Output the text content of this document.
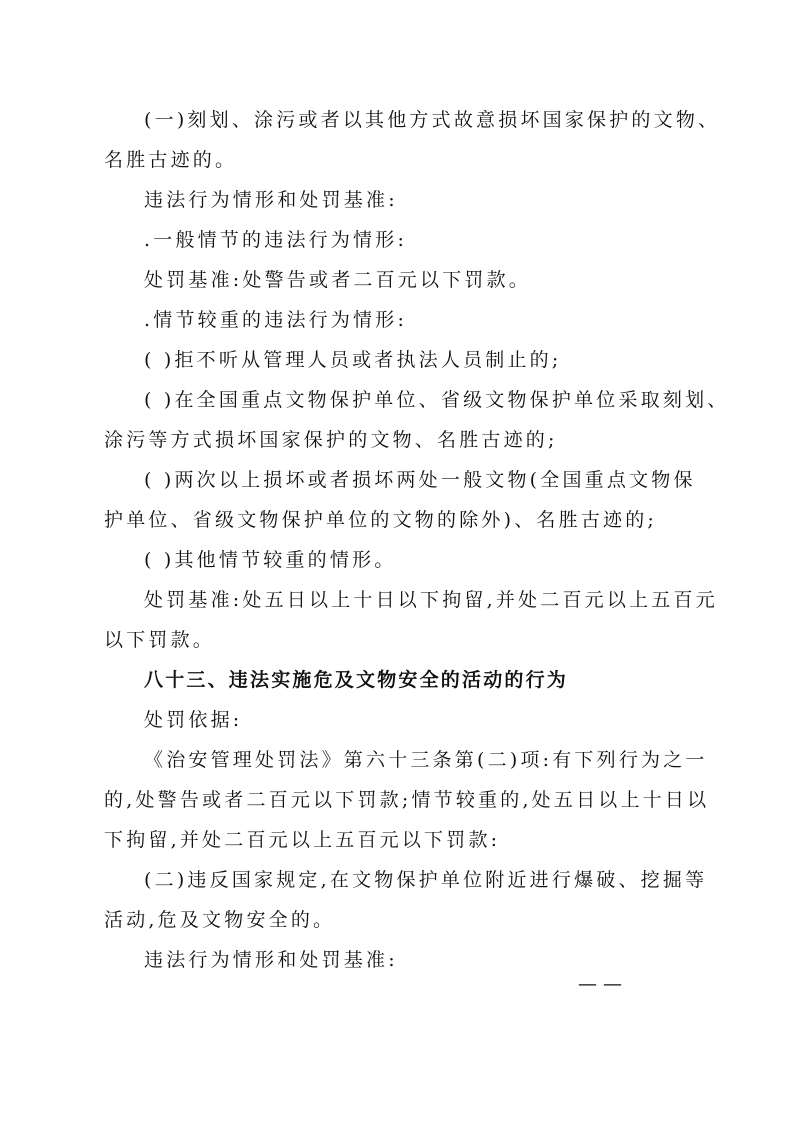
(一)刻划、涂污或者以其他方式故意损坏国家保护的文物、
名胜古迹的。
违法行为情形和处罚基准:
.一般情节的违法行为情形:
处罚基准:处警告或者二百元以下罚款。
.情节较重的违法行为情形:
( )拒不听从管理人员或者执法人员制止的;
( )在全国重点文物保护单位、省级文物保护单位采取刻划、
涂污等方式损坏国家保护的文物、名胜古迹的;
( )两次以上损坏或者损坏两处一般文物(全国重点文物保
护单位、省级文物保护单位的文物的除外)、名胜古迹的;
( )其他情节较重的情形。
处罚基准:处五日以上十日以下拘留,并处二百元以上五百元
以下罚款。
八十三、违法实施危及文物安全的活动的行为
处罚依据:
《治安管理处罚法》第六十三条第(二)项:有下列行为之一
的,处警告或者二百元以下罚款;情节较重的,处五日以上十日以
下拘留,并处二百元以上五百元以下罚款:
(二)违反国家规定,在文物保护单位附近进行爆破、挖掘等
活动,危及文物安全的。
违法行为情形和处罚基准:
— —
